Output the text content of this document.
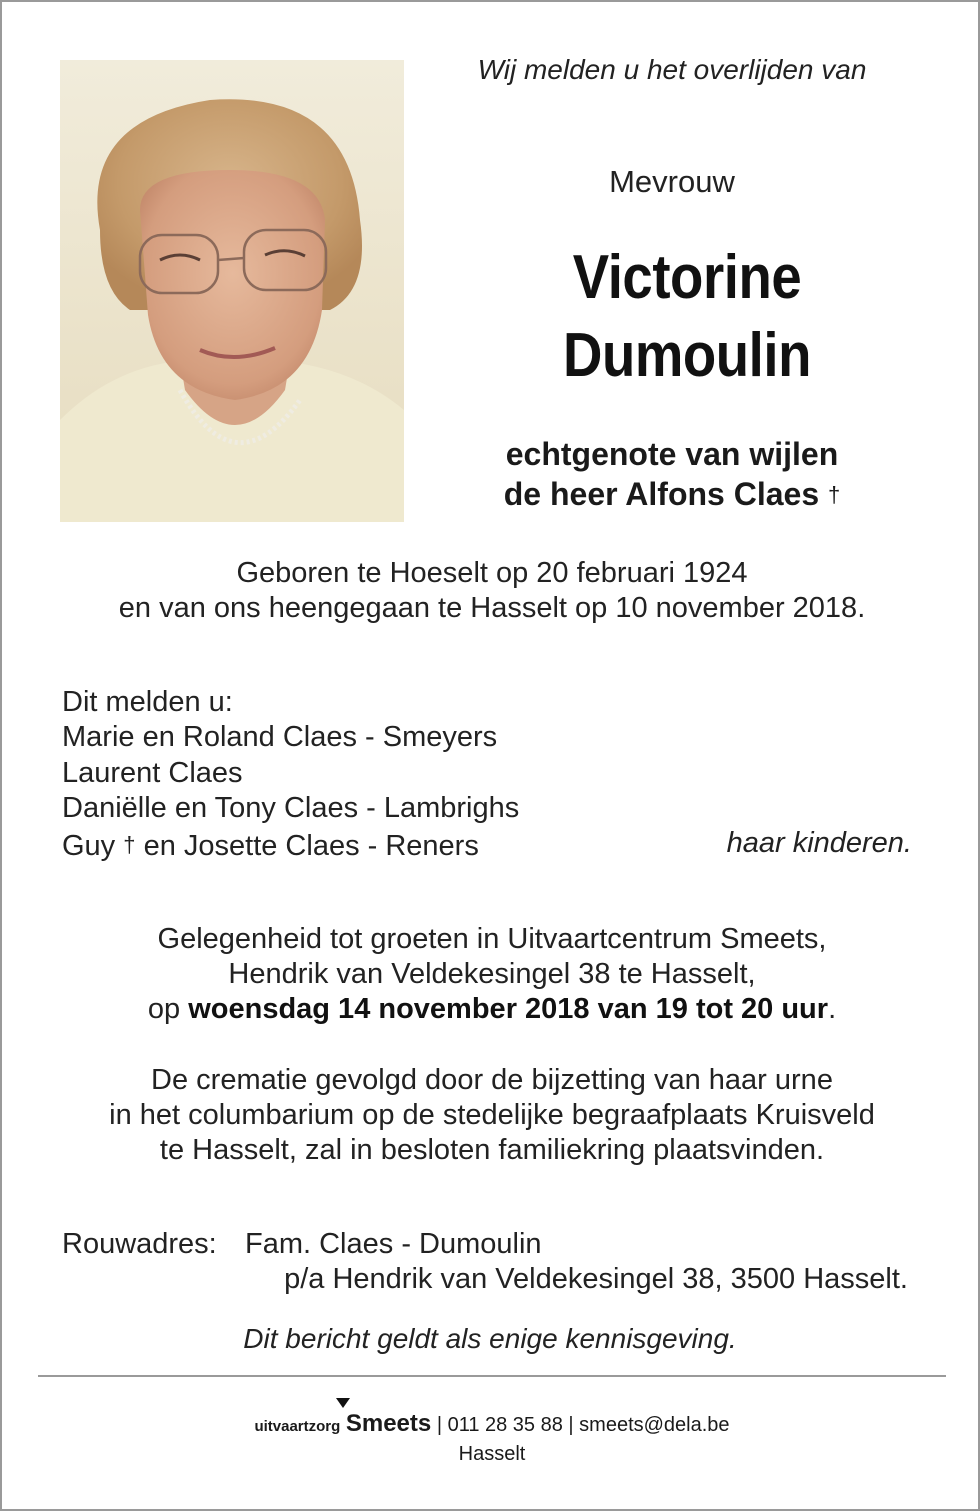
Wij melden u het overlijden van
Mevrouw
Victorine
Dumoulin
echtgenote van wijlen
de heer Alfons Claes †
Geboren te Hoeselt op 20 februari 1924
en van ons heengegaan te Hasselt op 10 november 2018.
Dit melden u:
Marie en Roland Claes - Smeyers
Laurent Claes
Daniëlle en Tony Claes - Lambrighs
Guy † en Josette Claes - Reners	haar kinderen.
Gelegenheid tot groeten in Uitvaartcentrum Smeets,
Hendrik van Veldekesingel 38 te Hasselt,
op woensdag 14 november 2018 van 19 tot 20 uur.
De crematie gevolgd door de bijzetting van haar urne
in het columbarium op de stedelijke begraafplaats Kruisveld
te Hasselt, zal in besloten familiekring plaatsvinden.
Rouwadres: Fam. Claes - Dumoulin
p/a Hendrik van Veldekesingel 38, 3500 Hasselt.
Dit bericht geldt als enige kennisgeving.
uitvaartzorg Smeets | 011 28 35 88 | smeets@dela.be
Hasselt
